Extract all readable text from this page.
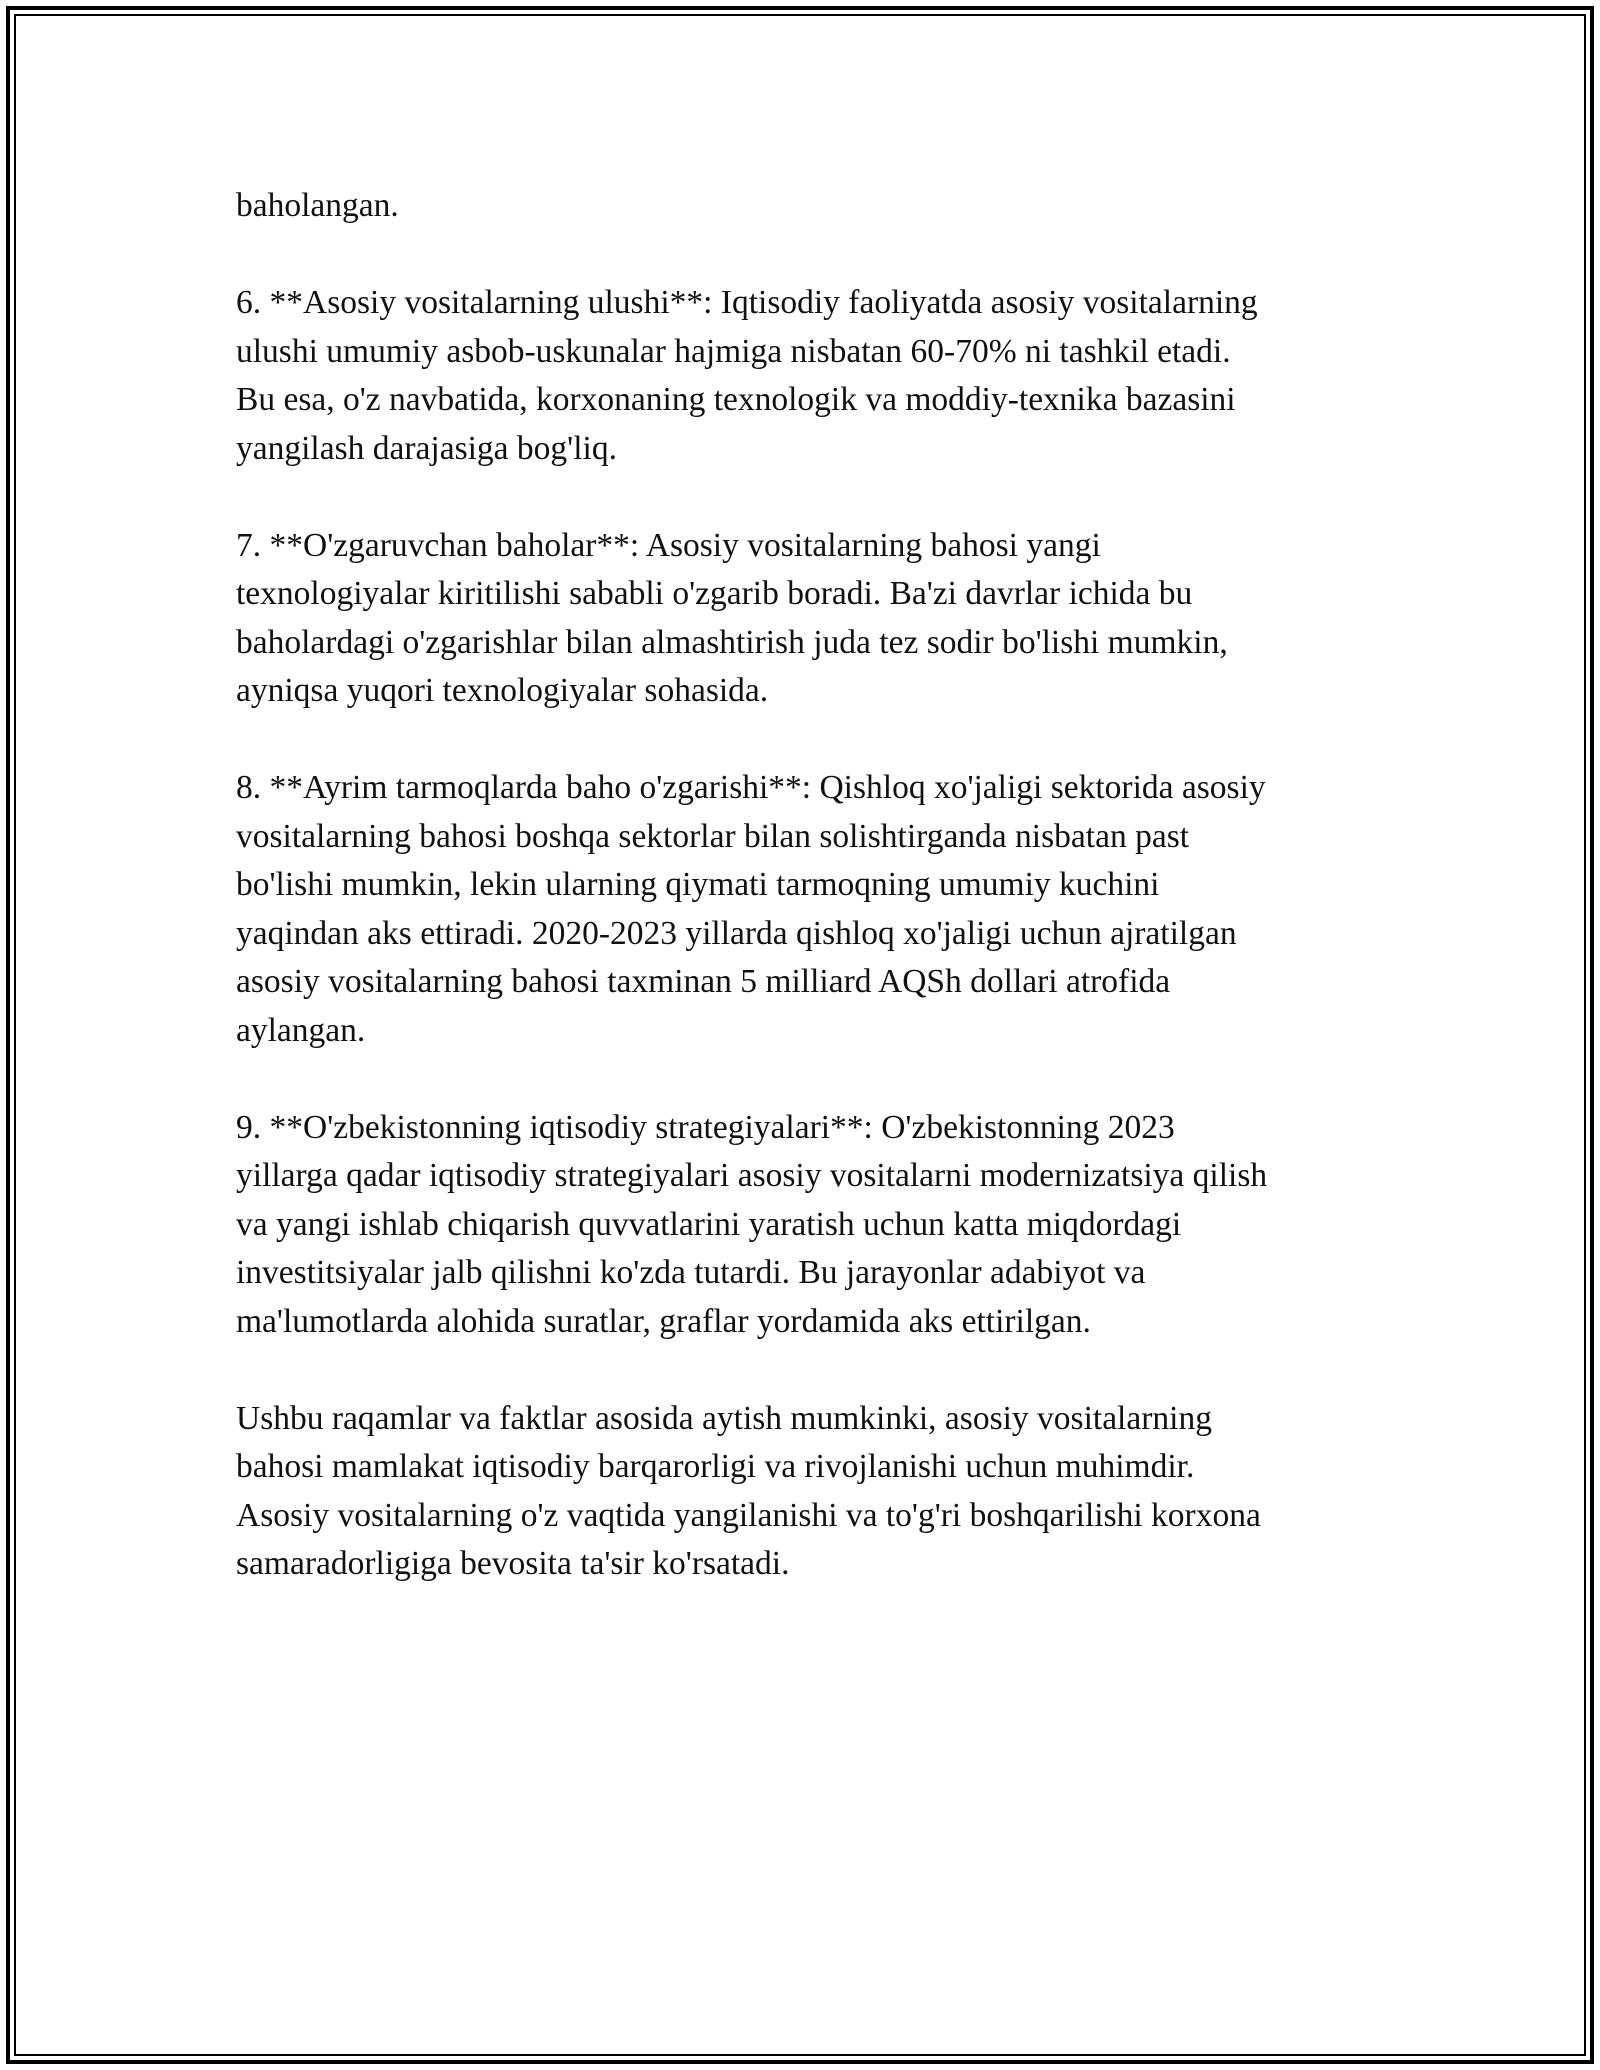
baholangan.

6. **Asosiy vositalarning ulushi**: Iqtisodiy faoliyatda asosiy vositalarning
ulushi umumiy asbob-uskunalar hajmiga nisbatan 60-70% ni tashkil etadi.
Bu esa, o'z navbatida, korxonaning texnologik va moddiy-texnika bazasini
yangilash darajasiga bog'liq.

7. **O'zgaruvchan baholar**: Asosiy vositalarning bahosi yangi
texnologiyalar kiritilishi sababli o'zgarib boradi. Ba'zi davrlar ichida bu
baholardagi o'zgarishlar bilan almashtirish juda tez sodir bo'lishi mumkin,
ayniqsa yuqori texnologiyalar sohasida.

8. **Ayrim tarmoqlarda baho o'zgarishi**: Qishloq xo'jaligi sektorida asosiy
vositalarning bahosi boshqa sektorlar bilan solishtirganda nisbatan past
bo'lishi mumkin, lekin ularning qiymati tarmoqning umumiy kuchini
yaqindan aks ettiradi. 2020-2023 yillarda qishloq xo'jaligi uchun ajratilgan
asosiy vositalarning bahosi taxminan 5 milliard AQSh dollari atrofida
aylangan.

9. **O'zbekistonning iqtisodiy strategiyalari**: O'zbekistonning 2023
yillarga qadar iqtisodiy strategiyalari asosiy vositalarni modernizatsiya qilish
va yangi ishlab chiqarish quvvatlarini yaratish uchun katta miqdordagi
investitsiyalar jalb qilishni ko'zda tutardi. Bu jarayonlar adabiyot va
ma'lumotlarda alohida suratlar, graflar yordamida aks ettirilgan.

Ushbu raqamlar va faktlar asosida aytish mumkinki, asosiy vositalarning
bahosi mamlakat iqtisodiy barqarorligi va rivojlanishi uchun muhimdir.
Asosiy vositalarning o'z vaqtida yangilanishi va to'g'ri boshqarilishi korxona
samaradorligiga bevosita ta'sir ko'rsatadi.
